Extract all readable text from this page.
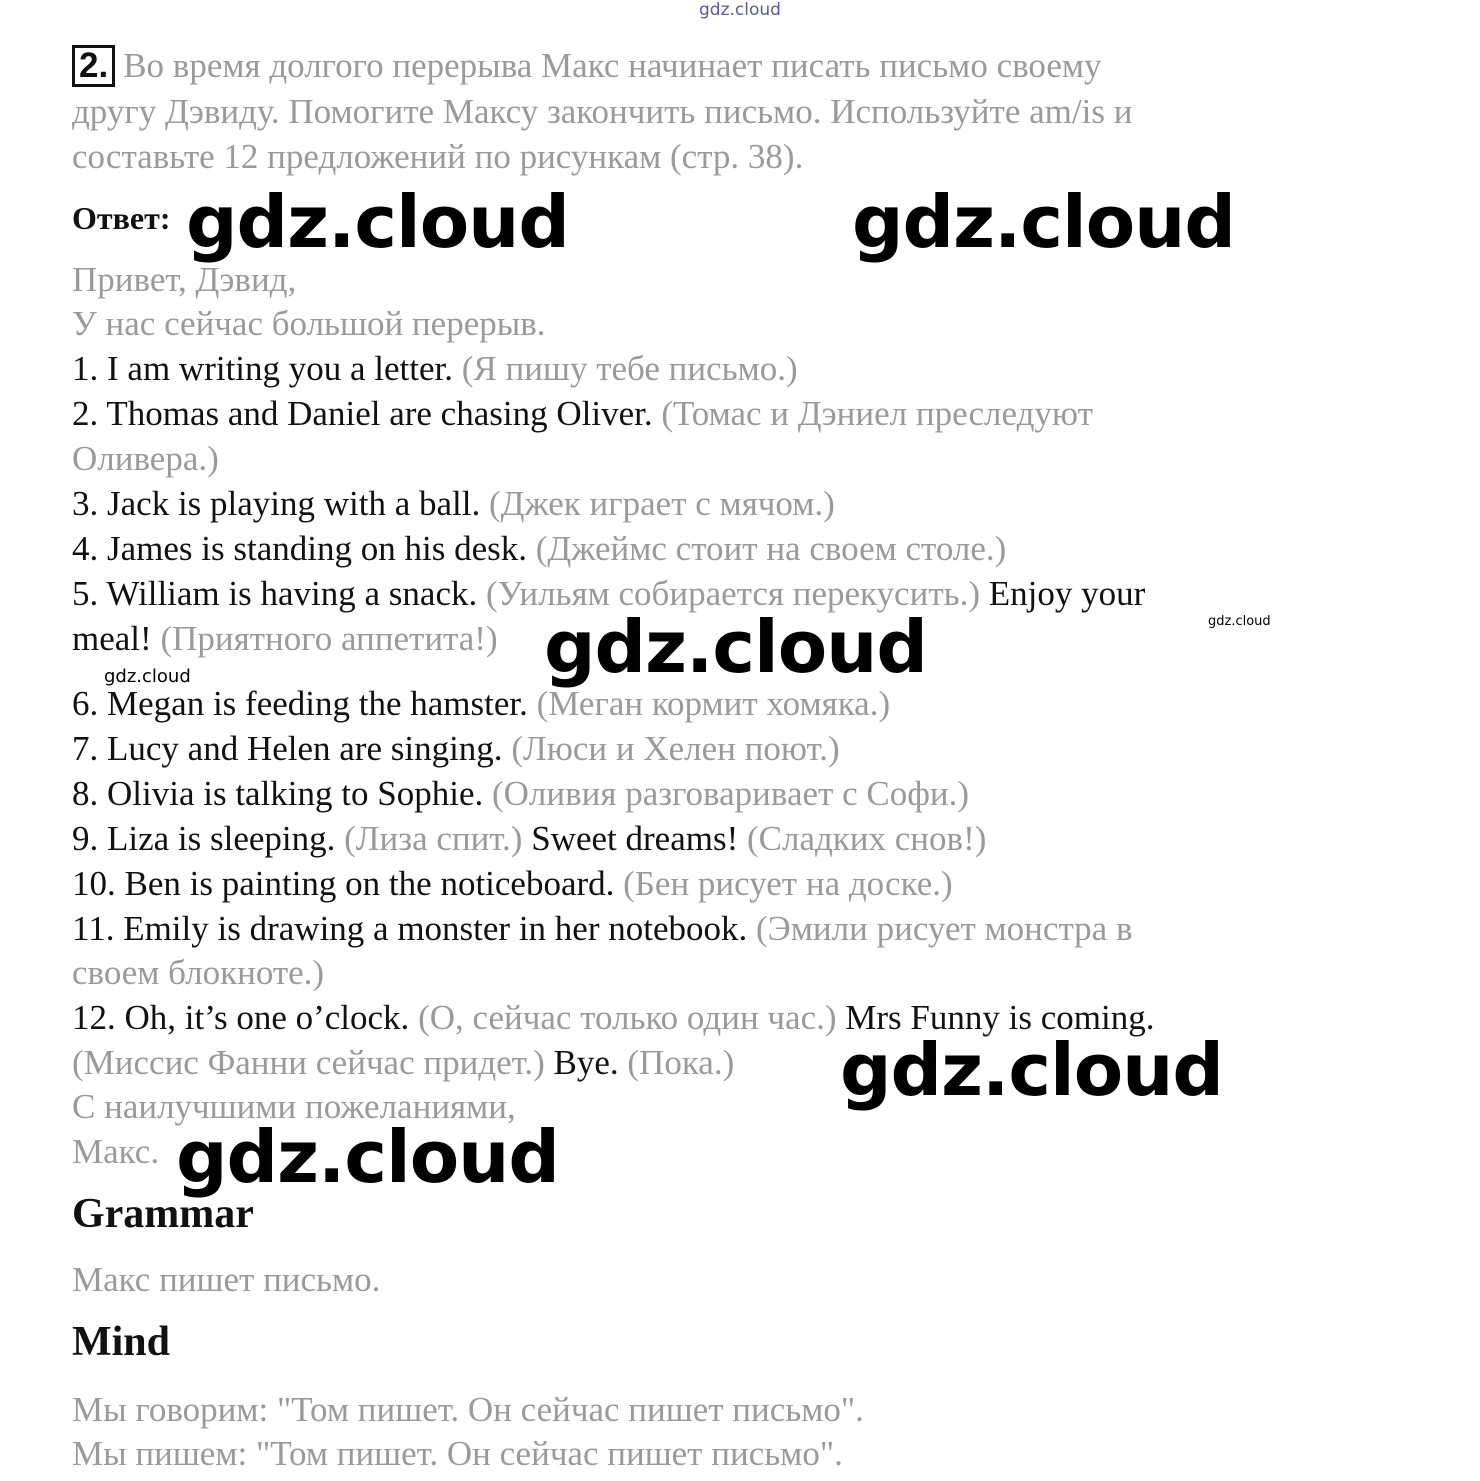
gdz.cloud
2. Во время долгого перерыва Макс начинает писать письмо своему
другу Дэвиду. Помогите Максу закончить письмо. Используйте am/is и
составьте 12 предложений по рисункам (стр. 38).
Ответ:
Привет, Дэвид,
У нас сейчас большой перерыв.
1. I am writing you a letter. (Я пишу тебе письмо.)
2. Thomas and Daniel are chasing Oliver. (Томас и Дэниел преследуют
Оливера.)
3. Jack is playing with a ball. (Джек играет с мячом.)
4. James is standing on his desk. (Джеймс стоит на своем столе.)
5. William is having a snack. (Уильям собирается перекусить.) Enjoy your
meal! (Приятного аппетита!)
6. Megan is feeding the hamster. (Меган кормит хомяка.)
7. Lucy and Helen are singing. (Люси и Хелен поют.)
8. Olivia is talking to Sophie. (Оливия разговаривает с Софи.)
9. Liza is sleeping. (Лиза спит.) Sweet dreams! (Сладких снов!)
10. Ben is painting on the noticeboard. (Бен рисует на доске.)
11. Emily is drawing a monster in her notebook. (Эмили рисует монстра в
своем блокноте.)
12. Oh, it’s one o’clock. (О, сейчас только один час.) Mrs Funny is coming.
(Миссис Фанни сейчас придет.) Bye. (Пока.)
С наилучшими пожеланиями,
Макс.
Grammar
Макс пишет письмо.
Mind
Мы говорим: "Том пишет. Он сейчас пишет письмо".
Мы пишем: "Том пишет. Он сейчас пишет письмо".
gdz.cloud	gdz.cloud
gdz.cloud
gdz.cloud
gdz.cloud
gdz.cloud
gdz.cloud
